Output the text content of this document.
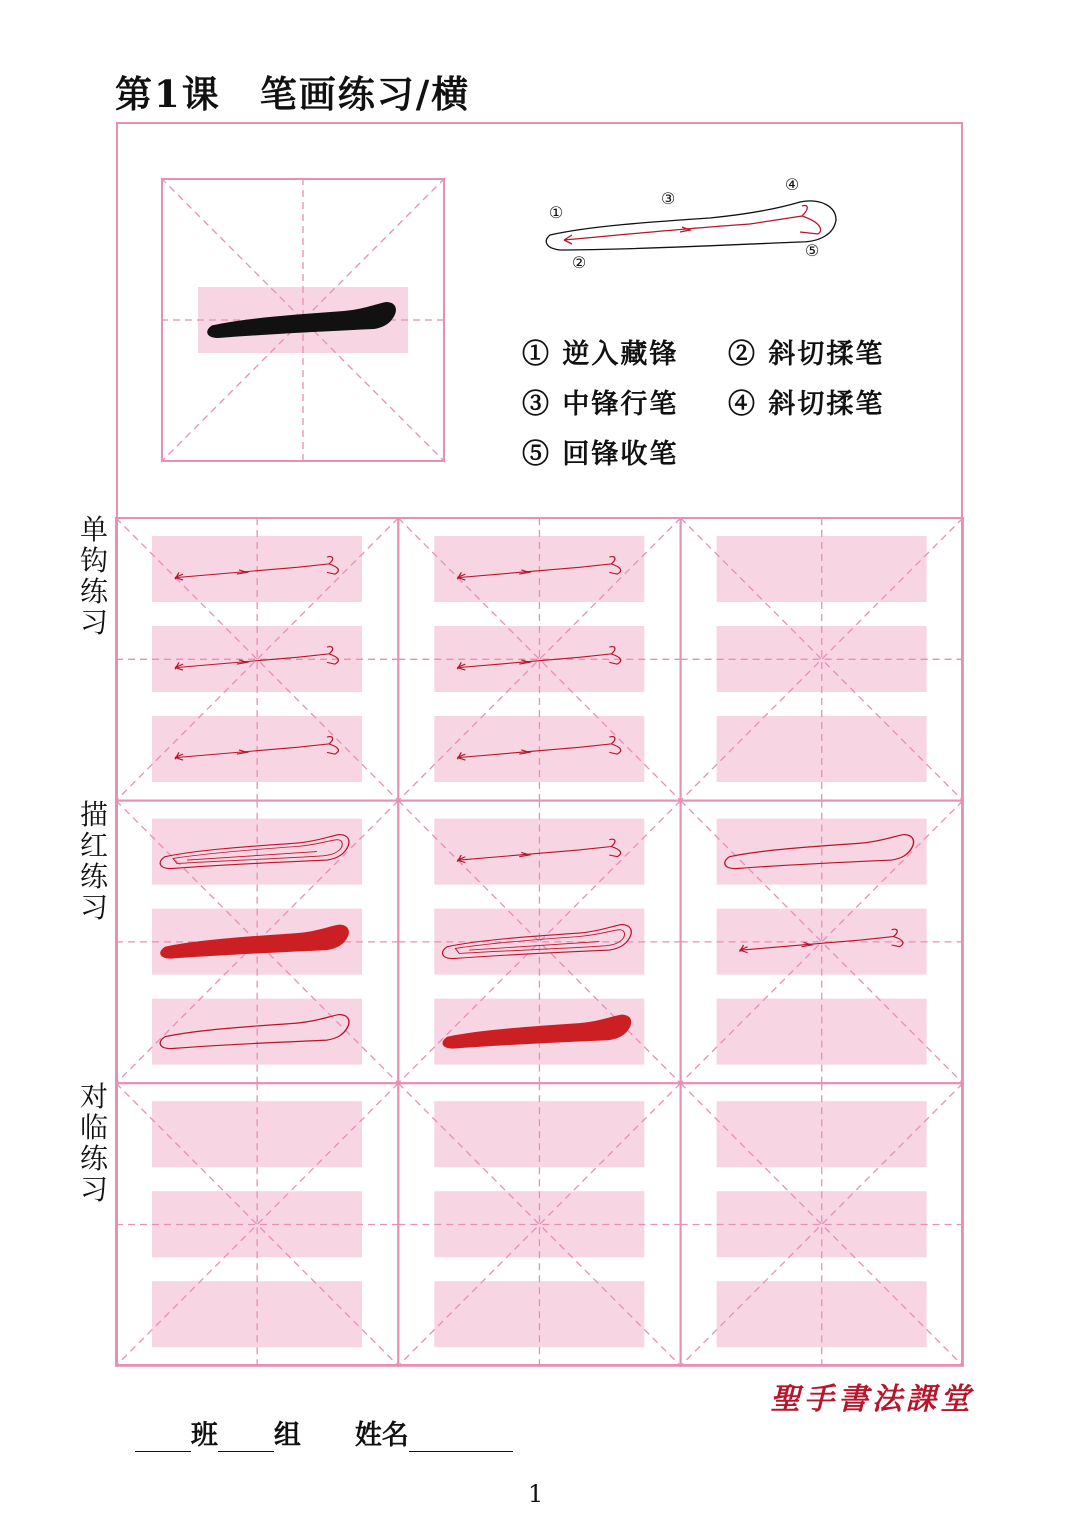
第1课　笔画练习/横
①
②
③
④
⑤
① 逆入藏锋 ② 斜切揉笔
③ 中锋行笔 ④ 斜切揉笔
⑤ 回锋收笔
单
钩
练
习
描
红
练
习
对
临
练
习

班 组　　 姓名

聖手書法課堂
1
